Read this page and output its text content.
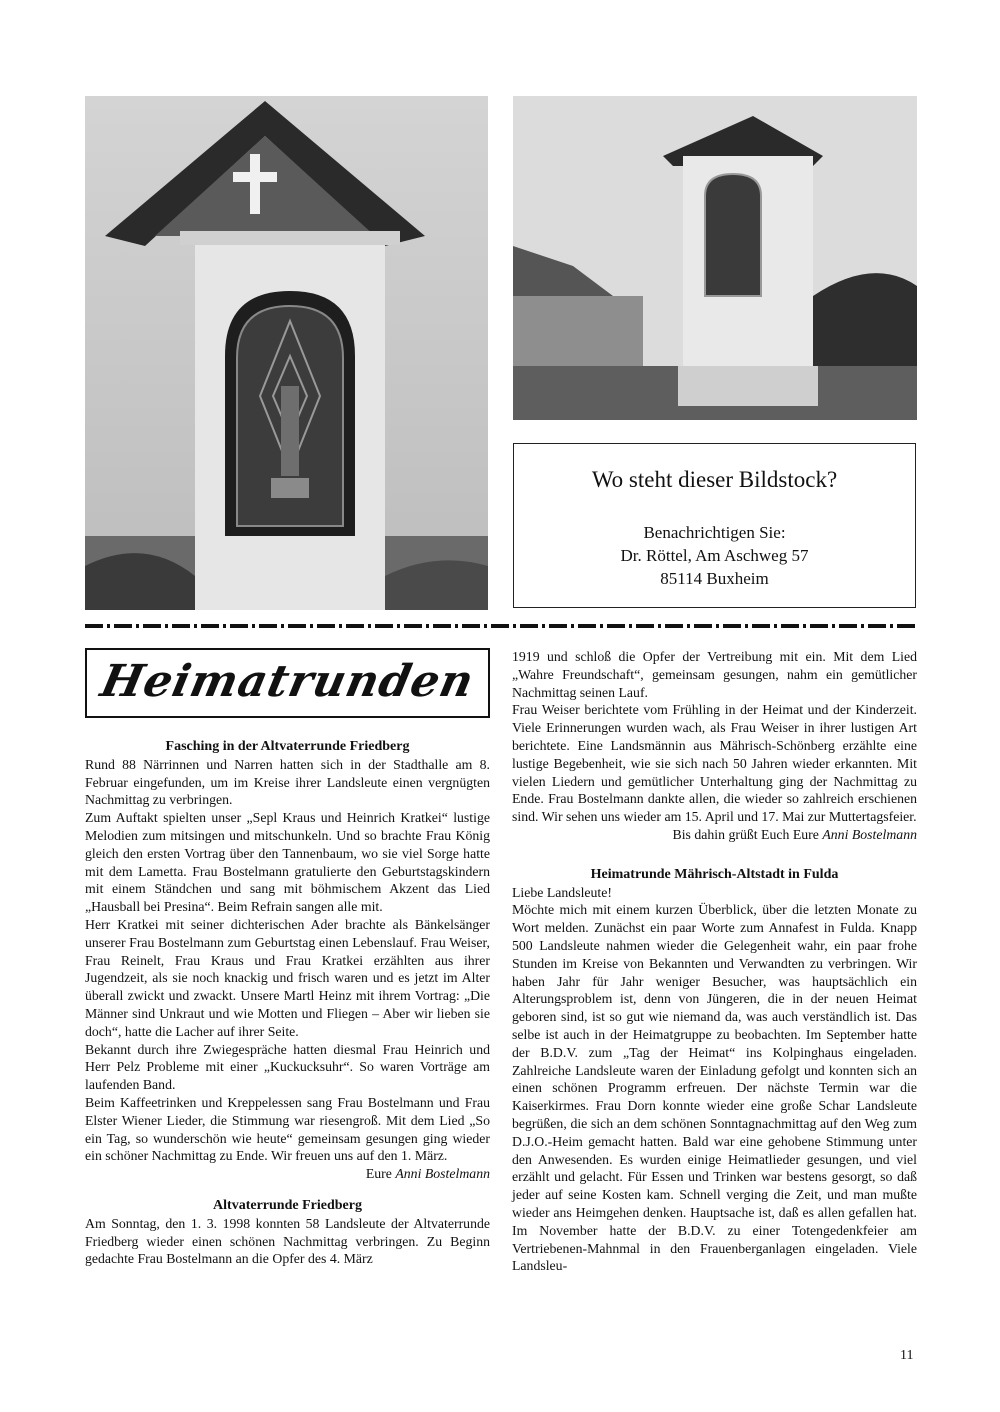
Wo steht dieser Bildstock?
Benachrichtigen Sie:
Dr. Röttel, Am Aschweg 57
85114 Buxheim
Heimatrunden
Fasching in der Altvaterrunde Friedberg

Rund 88 Närrinnen und Narren hatten sich in der Stadthalle am 8. Februar eingefunden, um im Kreise ihrer Landsleute einen vergnügten Nachmittag zu verbringen.

Zum Auftakt spielten unser „Sepl Kraus und Heinrich Kratkei“ lustige Melodien zum mitsingen und mitschunkeln. Und so brachte Frau König gleich den ersten Vortrag über den Tannenbaum, wo sie viel Sorge hatte mit dem Lametta. Frau Bostelmann gratulierte den Geburtstagskindern mit einem Ständchen und sang mit böhmischem Akzent das Lied „Hausball bei Presina“. Beim Refrain sangen alle mit.

Herr Kratkei mit seiner dichterischen Ader brachte als Bänkelsänger unserer Frau Bostelmann zum Geburtstag einen Lebenslauf. Frau Weiser, Frau Reinelt, Frau Kraus und Frau Kratkei erzählten aus ihrer Jugendzeit, als sie noch knackig und frisch waren und es jetzt im Alter überall zwickt und zwackt. Unsere Martl Heinz mit ihrem Vortrag: „Die Männer sind Unkraut und wie Motten und Fliegen – Aber wir lieben sie doch“, hatte die Lacher auf ihrer Seite.

Bekannt durch ihre Zwiegespräche hatten diesmal Frau Heinrich und Herr Pelz Probleme mit einer „Kuckucksuhr“. So waren Vorträge am laufenden Band.

Beim Kaffeetrinken und Kreppelessen sang Frau Bostelmann und Frau Elster Wiener Lieder, die Stimmung war riesengroß. Mit dem Lied „So ein Tag, so wunderschön wie heute“ gemeinsam gesungen ging wieder ein schöner Nachmittag zu Ende. Wir freuen uns auf den 1. März.

Eure Anni Bostelmann

Altvaterrunde Friedberg

Am Sonntag, den 1. 3. 1998 konnten 58 Landsleute der Altvaterrunde Friedberg wieder einen schönen Nachmittag verbringen. Zu Beginn gedachte Frau Bostelmann an die Opfer des 4. März

1919 und schloß die Opfer der Vertreibung mit ein. Mit dem Lied „Wahre Freundschaft“, gemeinsam gesungen, nahm ein gemütlicher Nachmittag seinen Lauf.

Frau Weiser berichtete vom Frühling in der Heimat und der Kinderzeit. Viele Erinnerungen wurden wach, als Frau Weiser in ihrer lustigen Art berichtete. Eine Landsmännin aus Mährisch-Schönberg erzählte eine lustige Begebenheit, wie sie sich nach 50 Jahren wieder erkannten. Mit vielen Liedern und gemütlicher Unterhaltung ging der Nachmittag zu Ende. Frau Bostelmann dankte allen, die wieder so zahlreich erschienen sind. Wir sehen uns wieder am 15. April und 17. Mai zur Muttertagsfeier.

Bis dahin grüßt Euch Eure Anni Bostelmann

Heimatrunde Mährisch-Altstadt in Fulda

Liebe Landsleute!

Möchte mich mit einem kurzen Überblick, über die letzten Monate zu Wort melden. Zunächst ein paar Worte zum Annafest in Fulda. Knapp 500 Landsleute nahmen wieder die Gelegenheit wahr, ein paar frohe Stunden im Kreise von Bekannten und Verwandten zu verbringen. Wir haben Jahr für Jahr weniger Besucher, was hauptsächlich ein Alterungsproblem ist, denn von Jüngeren, die in der neuen Heimat geboren sind, ist so gut wie niemand da, was auch verständlich ist. Das selbe ist auch in der Heimatgruppe zu beobachten. Im September hatte der B.D.V. zum „Tag der Heimat“ ins Kolpinghaus eingeladen. Zahlreiche Landsleute waren der Einladung gefolgt und konnten sich an einen schönen Programm erfreuen. Der nächste Termin war die Kaiserkirmes. Frau Dorn konnte wieder eine große Schar Landsleute begrüßen, die sich an dem schönen Sonntagnachmittag auf den Weg zum D.J.O.-Heim gemacht hatten. Bald war eine gehobene Stimmung unter den Anwesenden. Es wurden einige Heimatlieder gesungen, und viel erzählt und gelacht. Für Essen und Trinken war bestens gesorgt, so daß jeder auf seine Kosten kam. Schnell verging die Zeit, und man mußte wieder ans Heimgehen denken. Hauptsache ist, daß es allen gefallen hat. Im November hatte der B.D.V. zu einer Totengedenkfeier am Vertriebenen-Mahnmal in den Frauenberganlagen eingeladen. Viele Landsleu-

11
